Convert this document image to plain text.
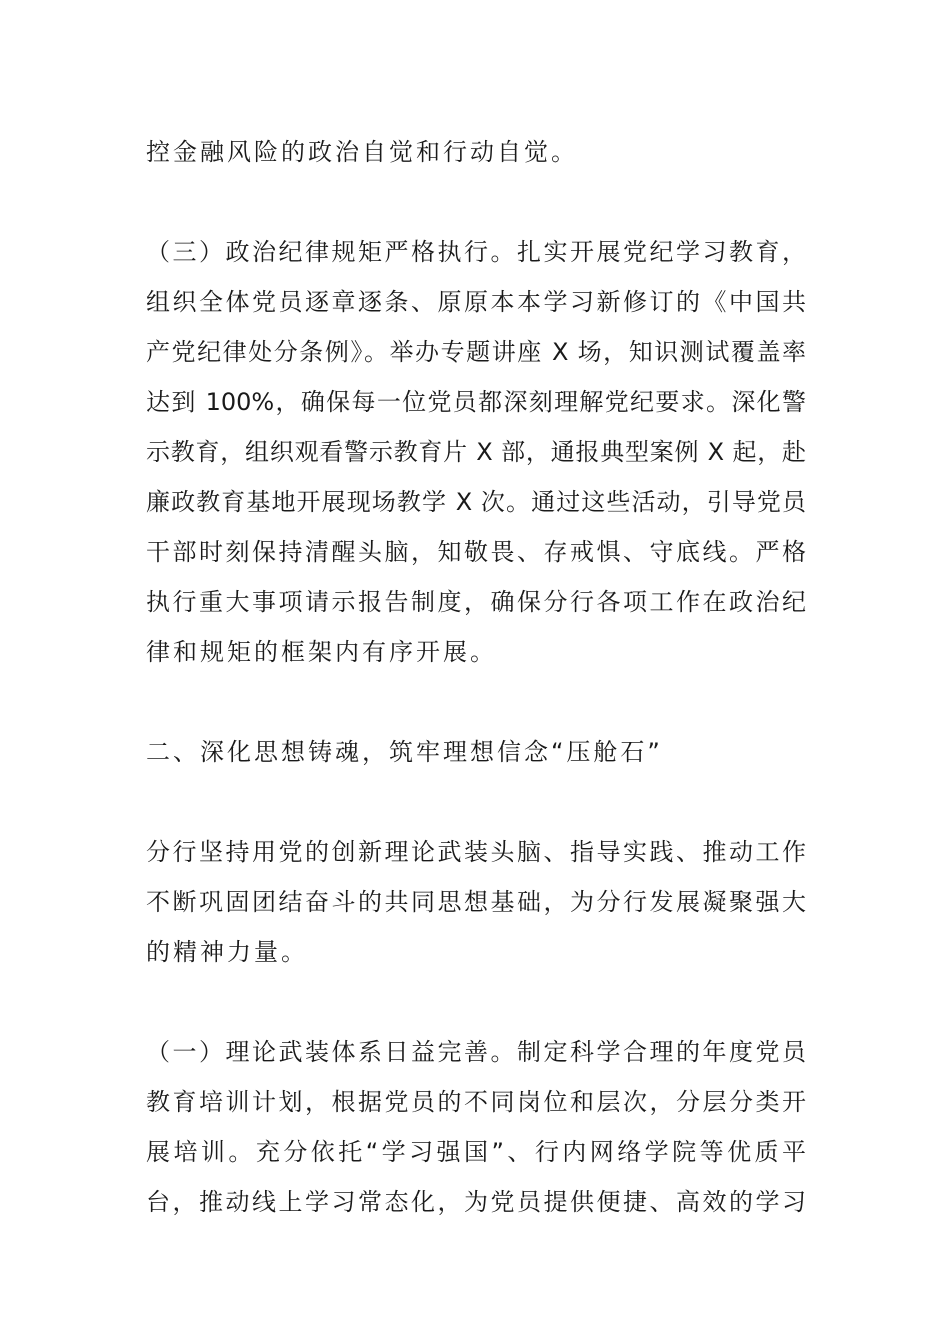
控金融风险的政治自觉和行动自觉。
（三）政治纪律规矩严格执行。扎实开展党纪学习教育，
组织全体党员逐章逐条、原原本本学习新修订的《中国共
产党纪律处分条例》。举办专题讲座 X 场，知识测试覆盖率
达到 100%，确保每一位党员都深刻理解党纪要求。深化警
示教育，组织观看警示教育片 X 部，通报典型案例 X 起，赴
廉政教育基地开展现场教学 X 次。通过这些活动，引导党员
干部时刻保持清醒头脑，知敬畏、存戒惧、守底线。严格
执行重大事项请示报告制度，确保分行各项工作在政治纪
律和规矩的框架内有序开展。
二、深化思想铸魂，筑牢理想信念“压舱石”
分行坚持用党的创新理论武装头脑、指导实践、推动工作
不断巩固团结奋斗的共同思想基础，为分行发展凝聚强大
的精神力量。
（一）理论武装体系日益完善。制定科学合理的年度党员
教育培训计划，根据党员的不同岗位和层次，分层分类开
展培训。充分依托“学习强国”、行内网络学院等优质平
台，推动线上学习常态化，为党员提供便捷、高效的学习
